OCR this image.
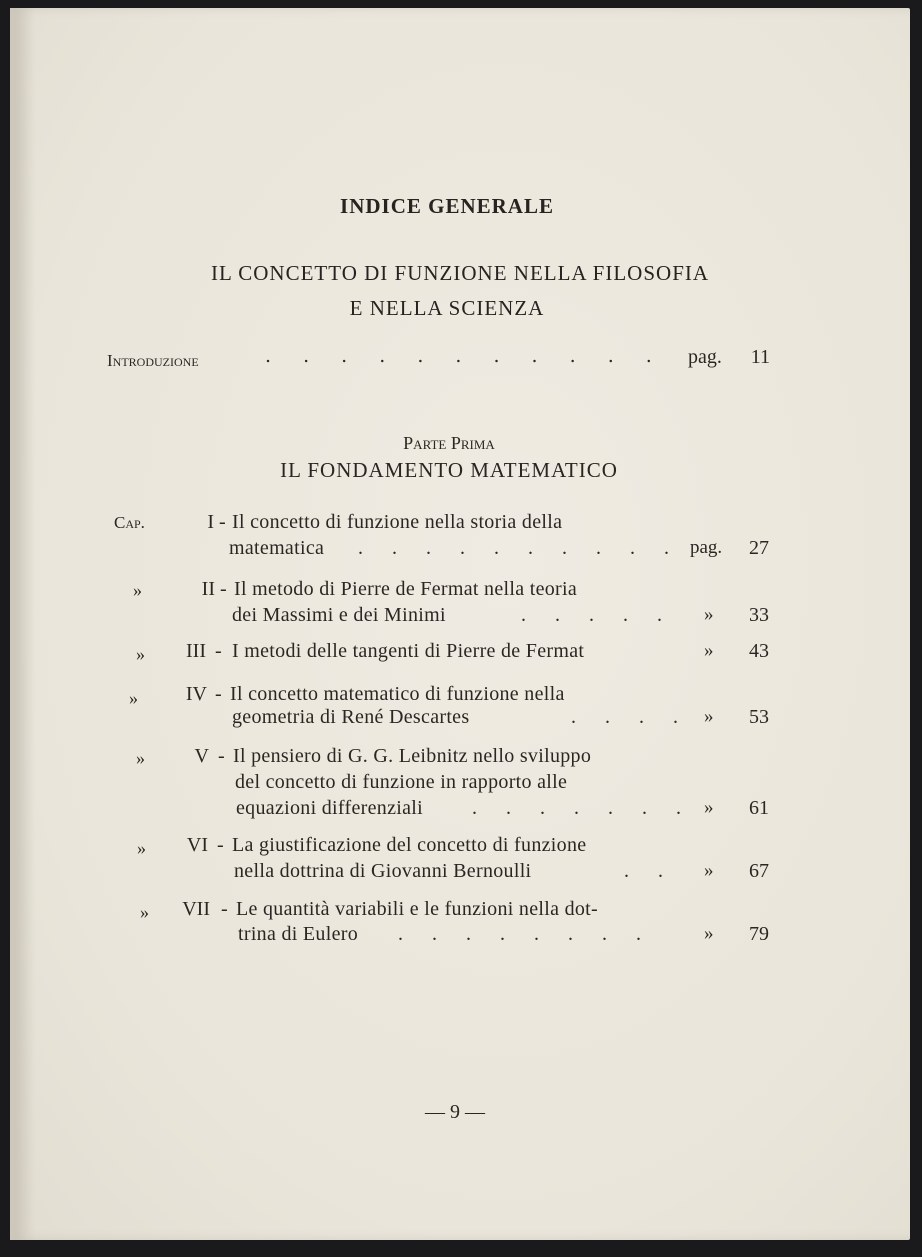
INDICE GENERALE
IL CONCETTO DI FUNZIONE NELLA FILOSOFIA
E NELLA SCIENZA
Introduzione	. . . . . . . . . . . pag.	11
Parte Prima
IL FONDAMENTO MATEMATICO
Cap.	I - Il concetto di funzione nella storia della
matematica . . . . . . . . . . pag.	27
»	II - Il metodo di Pierre de Fermat nella teoria
dei Massimi e dei Minimi	. . . . . »	33
»	III - I metodi delle tangenti di Pierre de Fermat	»	43
»	IV - Il concetto matematico di funzione nella
geometria di René Descartes	. . . . »	53
»	V - Il pensiero di G. G. Leibnitz nello sviluppo
del concetto di funzione in rapporto alle
equazioni differenziali . . . . . . . »	61
»	VI - La giustificazione del concetto di funzione
nella dottrina di Giovanni Bernoulli	. . »	67
»	VII - Le quantità variabili e le funzioni nella dot-
trina di Eulero . . . . . . . .	»	79
— 9 —
